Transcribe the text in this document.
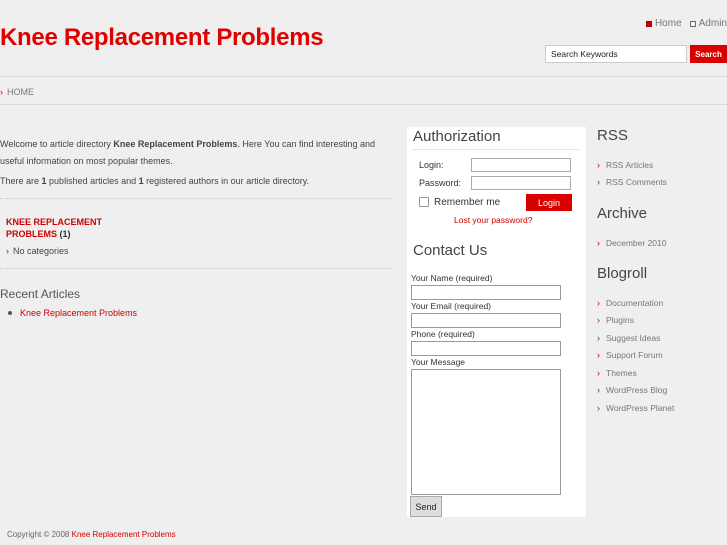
Knee Replacement Problems
Home Admin
Search Keywords
Search
› HOME
Welcome to article directory Knee Replacement Problems. Here You can find interesting and useful information on most popular themes.
There are 1 published articles and 1 registered authors in our article directory.
KNEE REPLACEMENT PROBLEMS (1)
› No categories
Recent Articles
Knee Replacement Problems
Authorization
Login:
Password:
Remember me	Login
Lost your password?
Contact Us
Your Name (required)
Your Email (required)
Phone (required)
Your Message
Send
RSS
› RSS Articles
› RSS Comments
Archive
› December 2010
Blogroll
› Documentation
› Plugins
› Suggest Ideas
› Support Forum
› Themes
› WordPress Blog
› WordPress Planet
Copyright © 2008 Knee Replacement Problems
